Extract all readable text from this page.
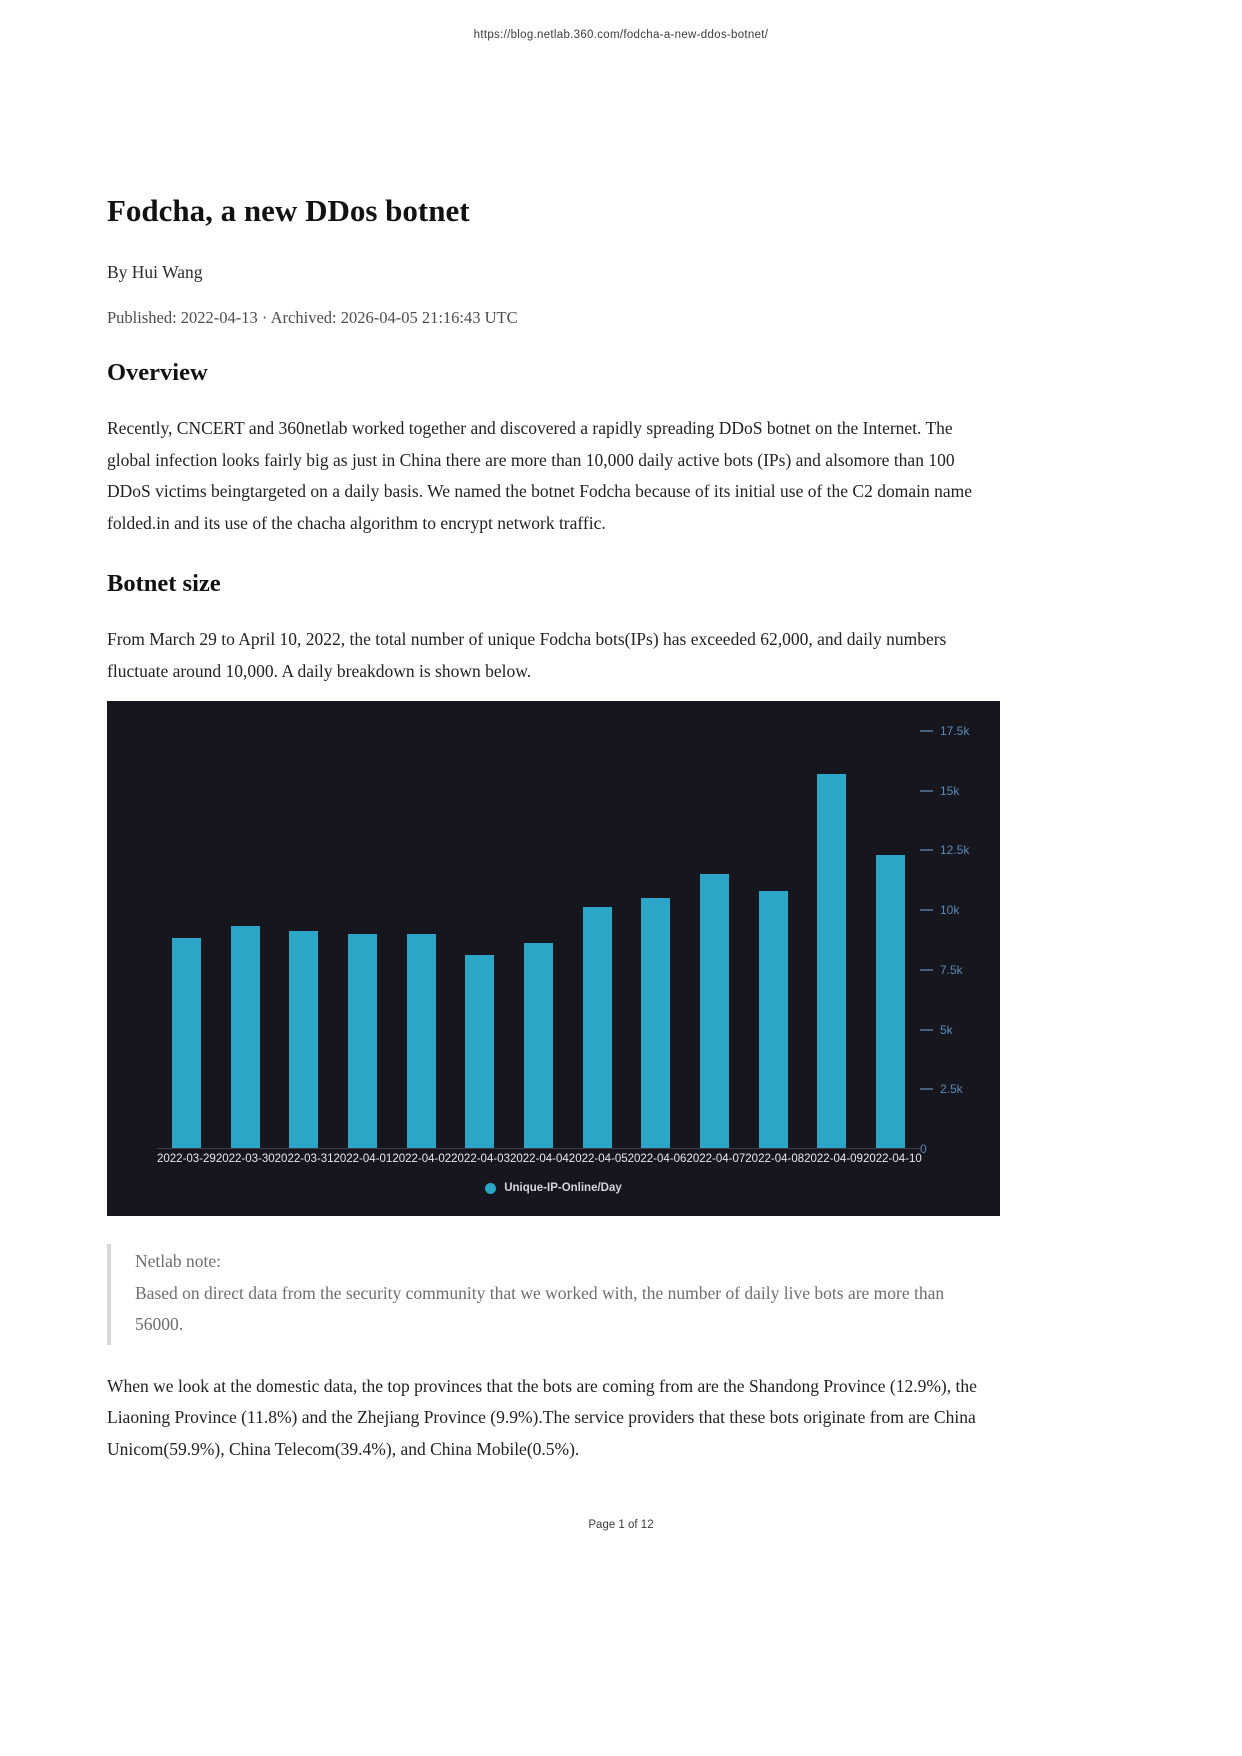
https://blog.netlab.360.com/fodcha-a-new-ddos-botnet/
Fodcha, a new DDos botnet

By Hui Wang

Published: 2022-04-13 · Archived: 2026-04-05 21:16:43 UTC

Overview

Recently, CNCERT and 360netlab worked together and discovered a rapidly spreading DDoS botnet on the Internet. The global infection looks fairly big as just in China there are more than 10,000 daily active bots (IPs) and alsomore than 100 DDoS victims beingtargeted on a daily basis. We named the botnet Fodcha because of its initial use of the C2 domain name folded.in and its use of the chacha algorithm to encrypt network traffic.

Botnet size

From March 29 to April 10, 2022, the total number of unique Fodcha bots(IPs) has exceeded 62,000, and daily numbers fluctuate around 10,000. A daily breakdown is shown below.

0
2.5k
5k
7.5k
10k
12.5k
15k
17.5k
2022-03-29 2022-03-30 2022-03-31 2022-04-01 2022-04-02 2022-04-03 2022-04-04 2022-04-05 2022-04-06 2022-04-07 2022-04-08 2022-04-09 2022-04-10
Unique-IP-Online/Day

Netlab note:

Based on direct data from the security community that we worked with, the number of daily live bots are more than 56000.

When we look at the domestic data, the top provinces that the bots are coming from are the Shandong Province (12.9%), the Liaoning Province (11.8%) and the Zhejiang Province (9.9%).The service providers that these bots originate from are China Unicom(59.9%), China Telecom(39.4%), and China Mobile(0.5%).

Page 1 of 12
